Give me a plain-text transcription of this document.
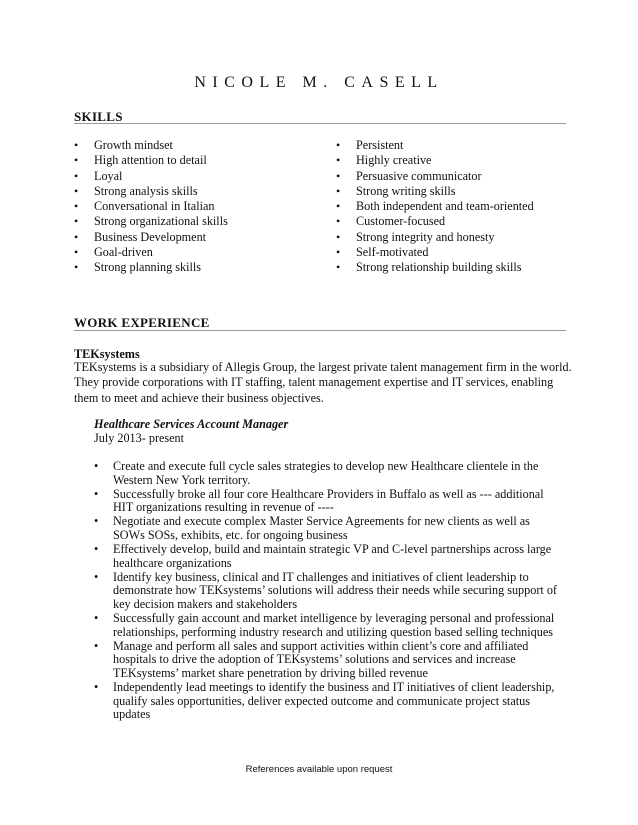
NICOLE M. CASELL
SKILLS
• Growth mindset
• High attention to detail
• Loyal
• Strong analysis skills
• Conversational in Italian
• Strong organizational skills
• Business Development
• Goal-driven
• Strong planning skills
• Persistent
• Highly creative
• Persuasive communicator
• Strong writing skills
• Both independent and team-oriented
• Customer-focused
• Strong integrity and honesty
• Self-motivated
• Strong relationship building skills
WORK EXPERIENCE
TEKsystems
TEKsystems is a subsidiary of Allegis Group, the largest private talent management firm in the world. They provide corporations with IT staffing, talent management expertise and IT services, enabling them to meet and achieve their business objectives.
Healthcare Services Account Manager
July 2013- present
• Create and execute full cycle sales strategies to develop new Healthcare clientele in the Western New York territory.
• Successfully broke all four core Healthcare Providers in Buffalo as well as --- additional HIT organizations resulting in revenue of ----
• Negotiate and execute complex Master Service Agreements for new clients as well as SOWs SOSs, exhibits, etc. for ongoing business
• Effectively develop, build and maintain strategic VP and C-level partnerships across large healthcare organizations
• Identify key business, clinical and IT challenges and initiatives of client leadership to demonstrate how TEKsystems’ solutions will address their needs while securing support of key decision makers and stakeholders
• Successfully gain account and market intelligence by leveraging personal and professional relationships, performing industry research and utilizing question based selling techniques
• Manage and perform all sales and support activities within client’s core and affiliated hospitals to drive the adoption of TEKsystems’ solutions and services and increase TEKsystems’ market share penetration by driving billed revenue
• Independently lead meetings to identify the business and IT initiatives of client leadership, qualify sales opportunities, deliver expected outcome and communicate project status updates
References available upon request
